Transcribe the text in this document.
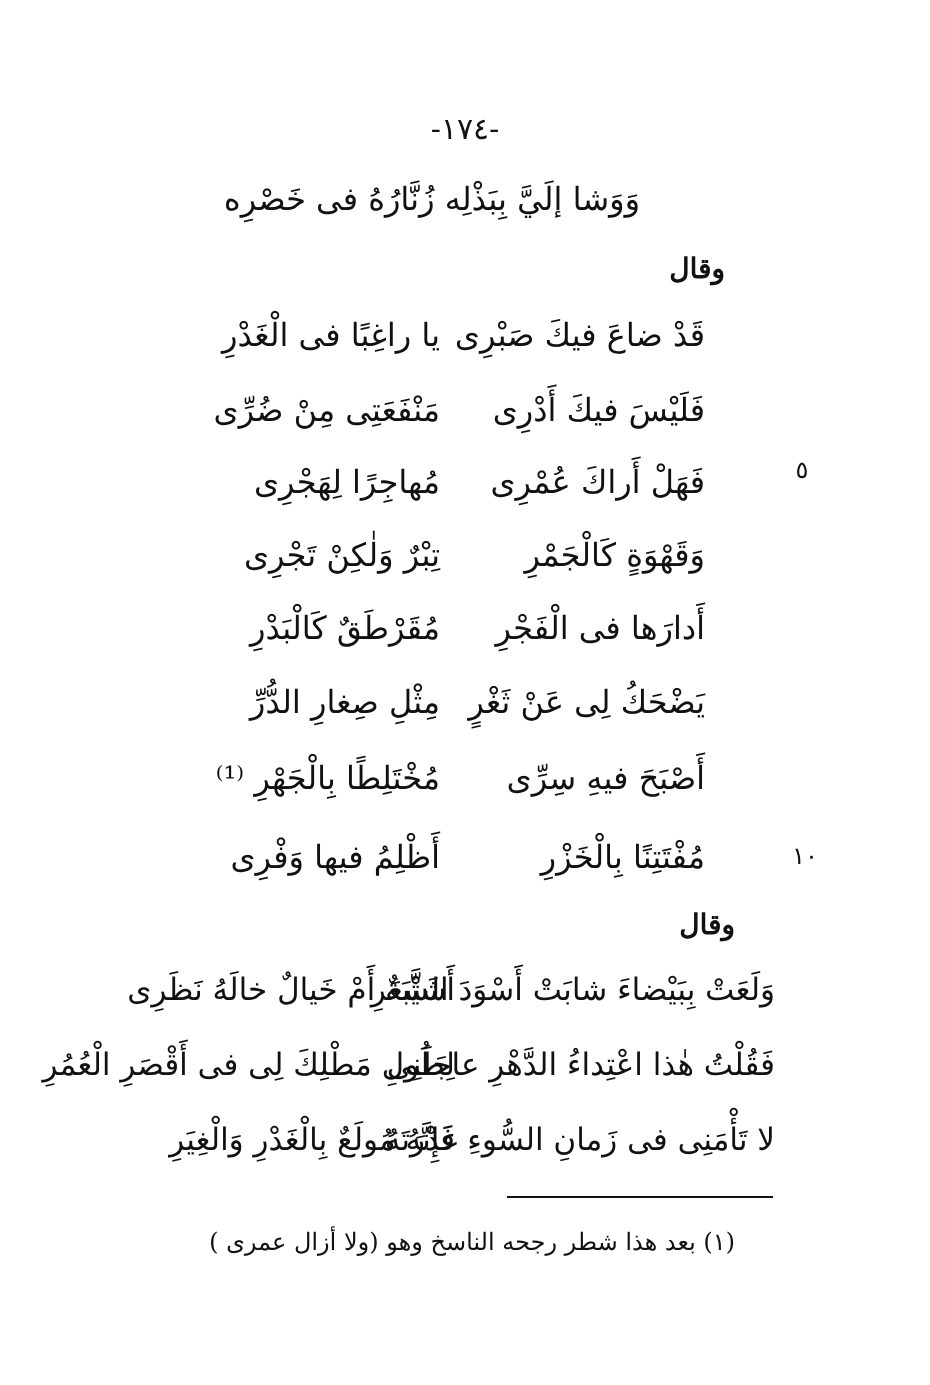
-١٧٤-
وَوَشا إلَيَّ بِبَذْلِه زُنَّارُهُ فى خَصْرِه
وقال
قَدْ ضاعَ فيكَ صَبْرِى
يا راغِبًا فى الْغَدْرِ
فَلَيْسَ فيكَ أَدْرِى
مَنْفَعَتِى مِنْ ضُرِّى
فَهَلْ أَراكَ عُمْرِى
مُهاجِرًا لِهَجْرِى
وَقَهْوَةٍ كَالْجَمْرِ
تِبْرٌ وَلٰكِنْ تَجْرِى
أَدارَها فى الْفَجْرِ
مُقَرْطَقٌ كَالْبَدْرِ
يَضْحَكُ لِى عَنْ ثَغْرٍ
مِثْلِ صِغارِ الدُّرِّ
أَصْبَحَ فيهِ سِرِّى
مُخْتَلِطًا بِالْجَهْرِ ⁽¹⁾
مُفْتَتِنًا بِالْخَزْرِ
أَظْلِمُ فيها وَفْرِى
٥
١٠
وقال
وَلَعَتْ بِبَيْضاءَ شابَتْ أَسْوَدَ الشَّعَرِ
أَشَيْبَةٌ أَمْ خَيالٌ خالَهُ نَظَرِى
فَقُلْتُ هٰذا اعْتِداءُ الدَّهْرِ عاجَلَنِى
لِطُولِ مَطْلِكَ لِى فى أَقْصَرِ الْعُمُرِ
لا تَأْمَنِى فى زَمانِ السُّوءِ غَدْرَتَهُ
فَإِنَّهُ مُولَعٌ بِالْغَدْرِ وَالْغِيَرِ
(١) بعد هذا شطر رجحه الناسخ وهو (ولا أزال عمرى )
